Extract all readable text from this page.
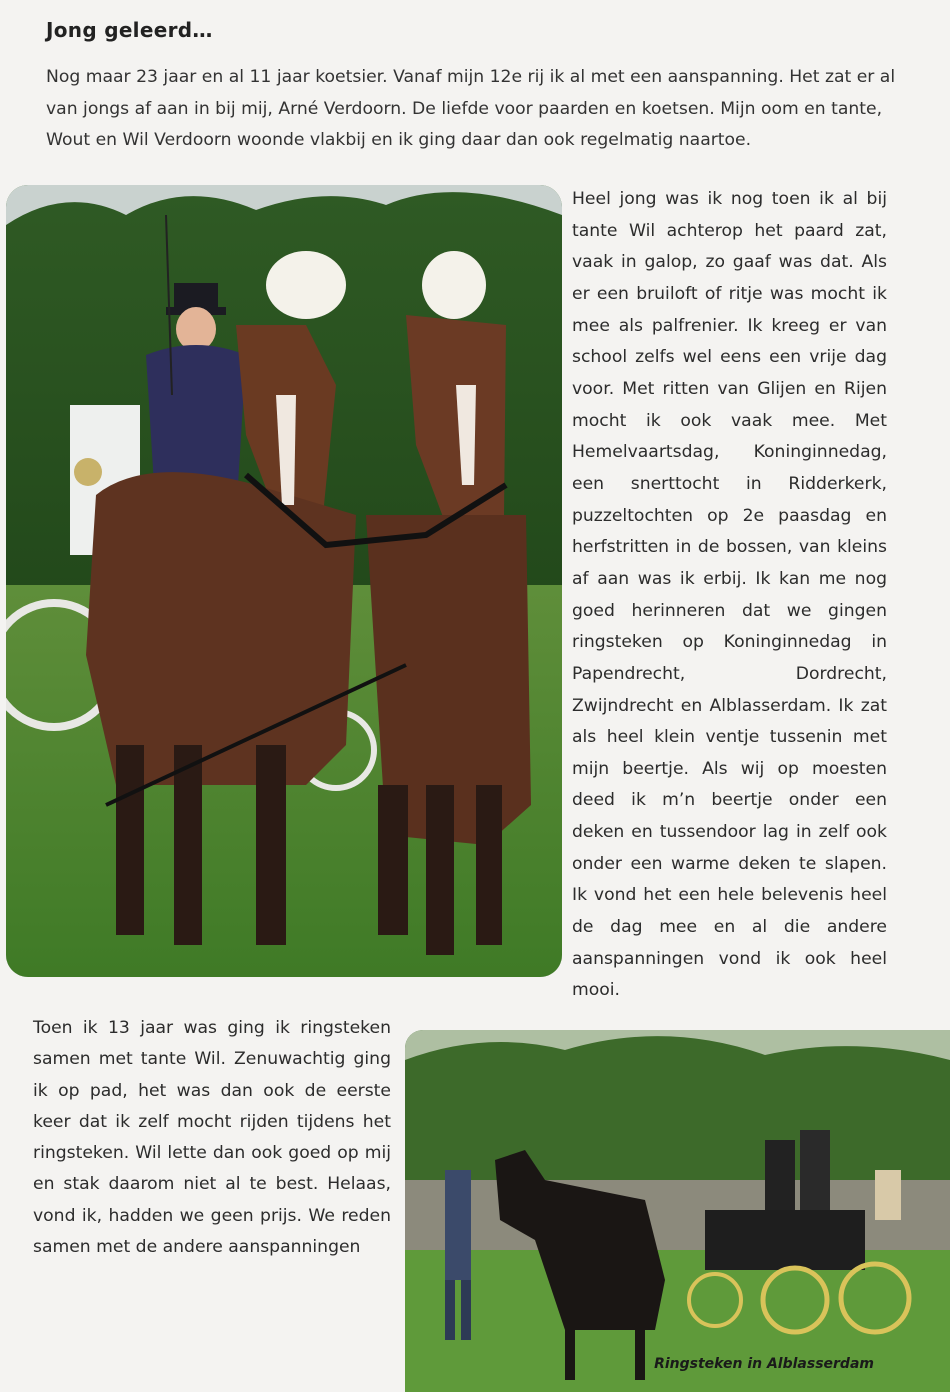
Jong geleerd…
Nog maar 23 jaar en al 11 jaar koetsier. Vanaf mijn 12e rij ik al met een aanspanning. Het zat er al van jongs af aan in bij mij, Arné Verdoorn. De liefde voor paarden en koetsen. Mijn oom en tante, Wout en Wil Verdoorn woonde vlakbij en ik ging daar dan ook regelmatig naartoe.
Heel jong was ik nog toen ik al bij tante Wil achterop het paard zat, vaak in galop, zo gaaf was dat. Als er een bruiloft of ritje was mocht ik mee als palfrenier. Ik kreeg er van school zelfs wel eens een vrije dag voor. Met ritten van Glijen en Rijen mocht ik ook vaak mee. Met Hemelvaartsdag, Koninginnedag, een snerttocht in Ridderkerk, puzzeltochten op 2e paasdag en herfstritten in de bossen, van kleins af aan was ik erbij. Ik kan me nog goed herinneren dat we gingen ringsteken op Koninginnedag in Papendrecht, Dordrecht, Zwijndrecht en Alblasserdam. Ik zat als heel klein ventje tussenin met mijn beertje. Als wij op moesten deed ik m’n beertje onder een deken en tussendoor lag in zelf ook onder een warme deken te slapen. Ik vond het een hele belevenis heel de dag mee en al die andere aanspanningen vond ik ook heel mooi.
Toen ik 13 jaar was ging ik ringsteken samen met tante Wil. Zenuwachtig ging ik op pad, het was dan ook de eerste keer dat ik zelf mocht rijden tijdens het ringsteken. Wil lette dan ook goed op mij en stak daarom niet al te best. Helaas, vond ik, hadden we geen prijs. We reden samen met de andere aanspanningen
Ringsteken in Alblasserdam
